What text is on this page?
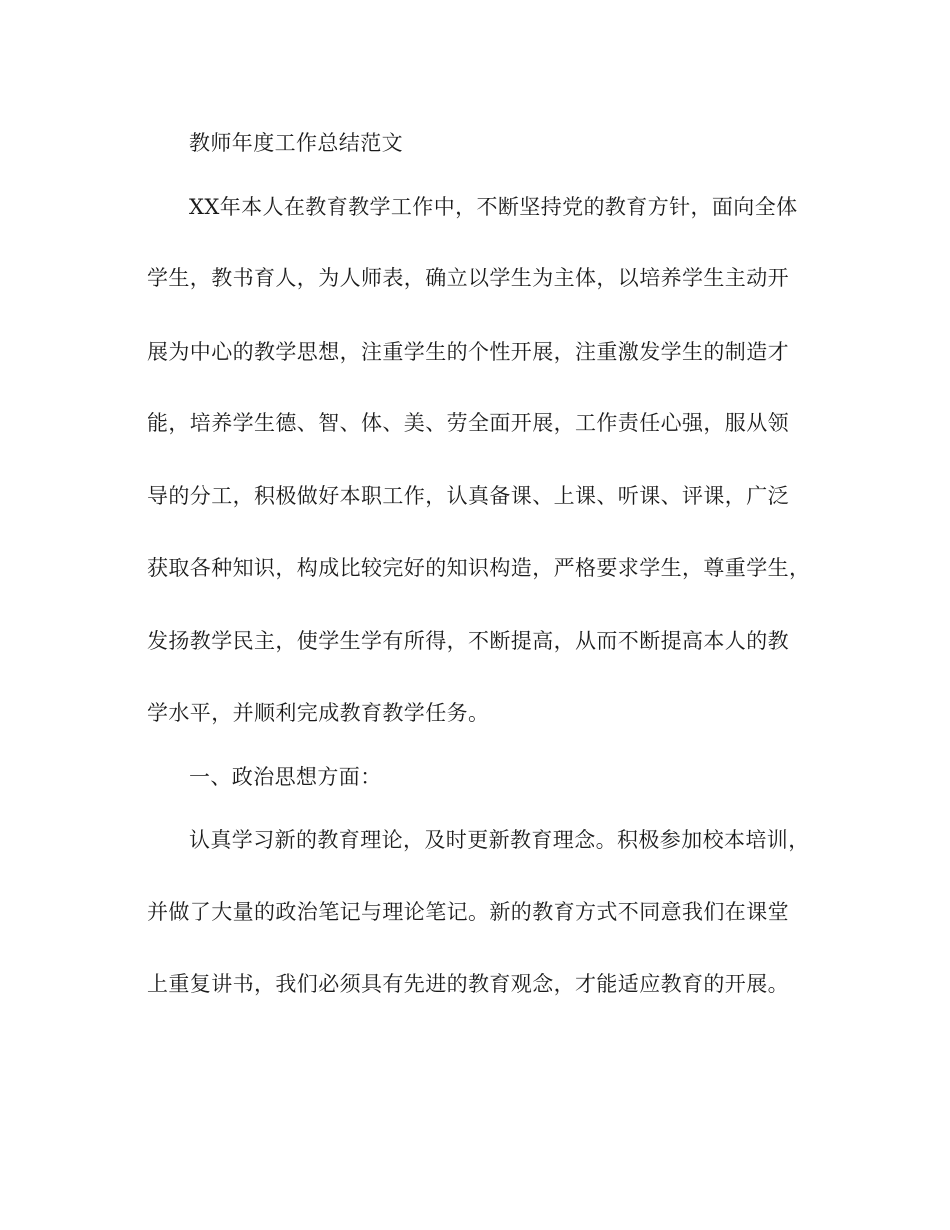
教师年度工作总结范文
XX年本人在教育教学工作中，不断坚持党的教育方针，面向全体
学生，教书育人，为人师表，确立以学生为主体，以培养学生主动开
展为中心的教学思想，注重学生的个性开展，注重激发学生的制造才
能，培养学生德、智、体、美、劳全面开展，工作责任心强，服从领
导的分工，积极做好本职工作，认真备课、上课、听课、评课，广泛
获取各种知识，构成比较完好的知识构造，严格要求学生，尊重学生，
发扬教学民主，使学生学有所得，不断提高，从而不断提高本人的教
学水平，并顺利完成教育教学任务。
一、政治思想方面：
认真学习新的教育理论，及时更新教育理念。积极参加校本培训，
并做了大量的政治笔记与理论笔记。新的教育方式不同意我们在课堂
上重复讲书，我们必须具有先进的教育观念，才能适应教育的开展。
